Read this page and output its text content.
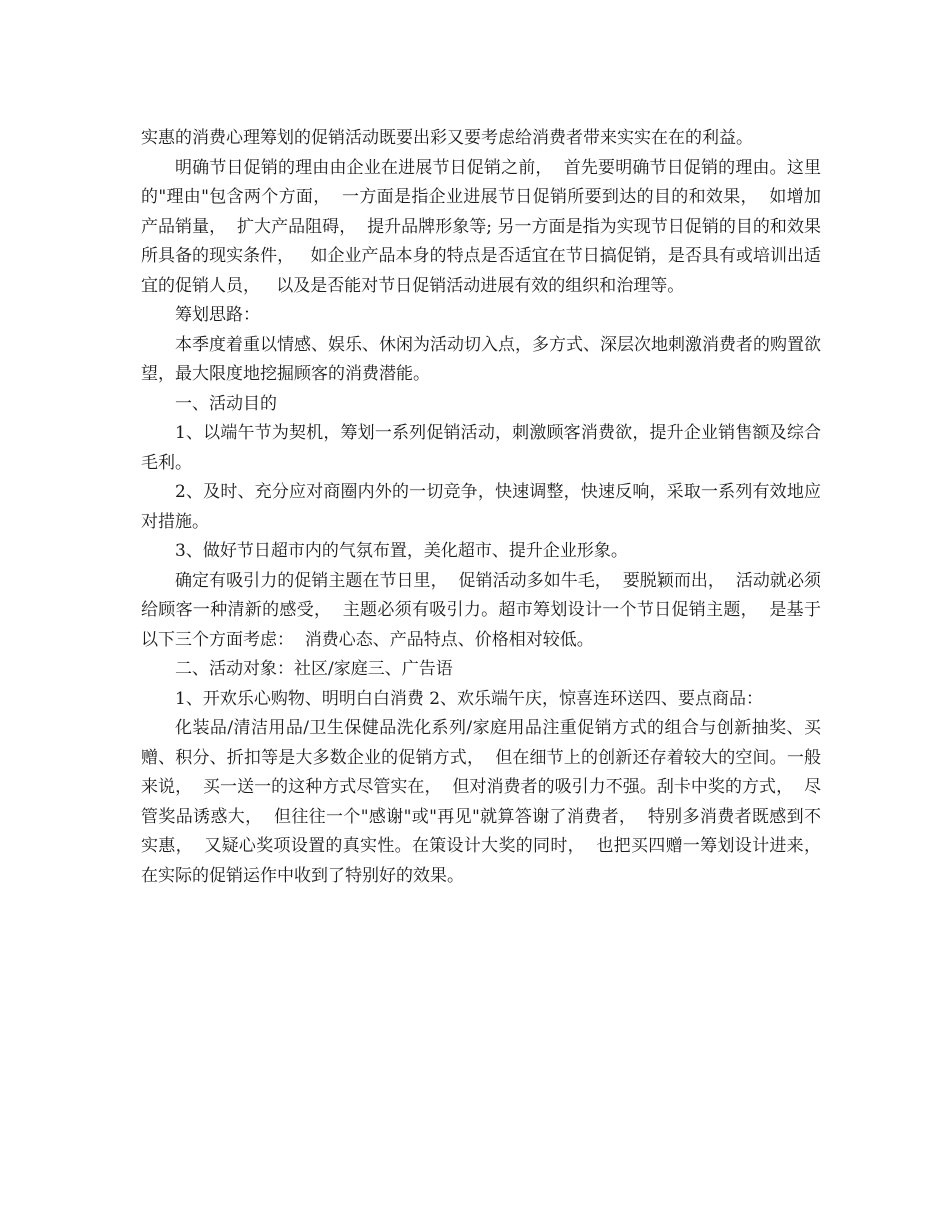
实惠的消费心理筹划的促销活动既要出彩又要考虑给消费者带来实实在在的利益。

明确节日促销的理由由企业在进展节日促销之前，  首先要明确节日促销的理由。这里的"理由"包含两个方面，  一方面是指企业进展节日促销所要到达的目的和效果，  如增加产品销量，  扩大产品阻碍，  提升品牌形象等; 另一方面是指为实现节日促销的目的和效果所具备的现实条件，   如企业产品本身的特点是否适宜在节日搞促销，是否具有或培训出适宜的促销人员，   以及是否能对节日促销活动进展有效的组织和治理等。

筹划思路：

本季度着重以情感、娱乐、休闲为活动切入点，多方式、深层次地刺激消费者的购置欲望，最大限度地挖掘顾客的消费潜能。

一、活动目的

1、以端午节为契机，筹划一系列促销活动，刺激顾客消费欲，提升企业销售额及综合毛利。

2、及时、充分应对商圈内外的一切竞争，快速调整，快速反响，采取一系列有效地应对措施。

3、做好节日超市内的气氛布置，美化超市、提升企业形象。

确定有吸引力的促销主题在节日里，  促销活动多如牛毛，  要脱颖而出，  活动就必须给顾客一种清新的感受，  主题必须有吸引力。超市筹划设计一个节日促销主题，  是基于以下三个方面考虑：  消费心态、产品特点、价格相对较低。

二、活动对象：社区/家庭三、广告语

1、开欢乐心购物、明明白白消费 2、欢乐端午庆，惊喜连环送四、要点商品：

化装品/清洁用品/卫生保健品洗化系列/家庭用品注重促销方式的组合与创新抽奖、买赠、积分、折扣等是大多数企业的促销方式，  但在细节上的创新还存着较大的空间。一般来说，  买一送一的这种方式尽管实在，  但对消费者的吸引力不强。刮卡中奖的方式，  尽管奖品诱惑大，  但往往一个"感谢"或"再见"就算答谢了消费者，  特别多消费者既感到不实惠，  又疑心奖项设置的真实性。在策设计大奖的同时，  也把买四赠一筹划设计进来，  在实际的促销运作中收到了特别好的效果。
